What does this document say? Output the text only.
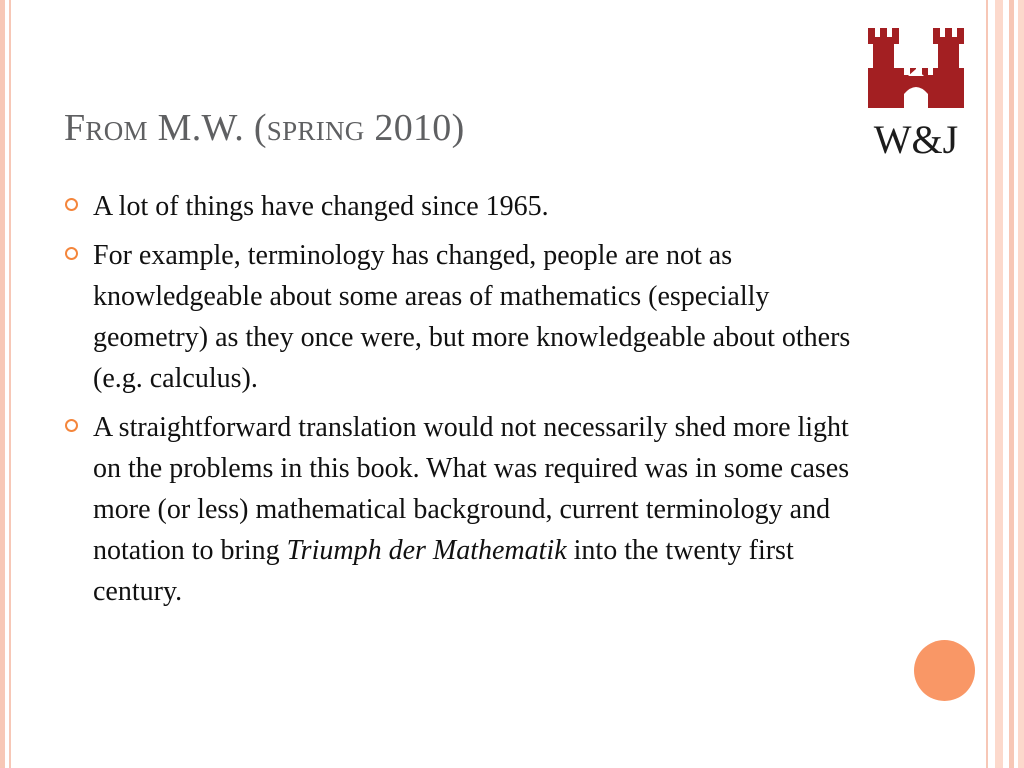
From M.W. (spring 2010)	W&J
A lot of things have changed since 1965.
For example, terminology has changed, people are not as knowledgeable about some areas of mathematics (especially geometry) as they once were, but more knowledgeable about others (e.g. calculus).
A straightforward translation would not necessarily shed more light on the problems in this book. What was required was in some cases more (or less) mathematical background, current terminology and notation to bring Triumph der Mathematik into the twenty first century.
